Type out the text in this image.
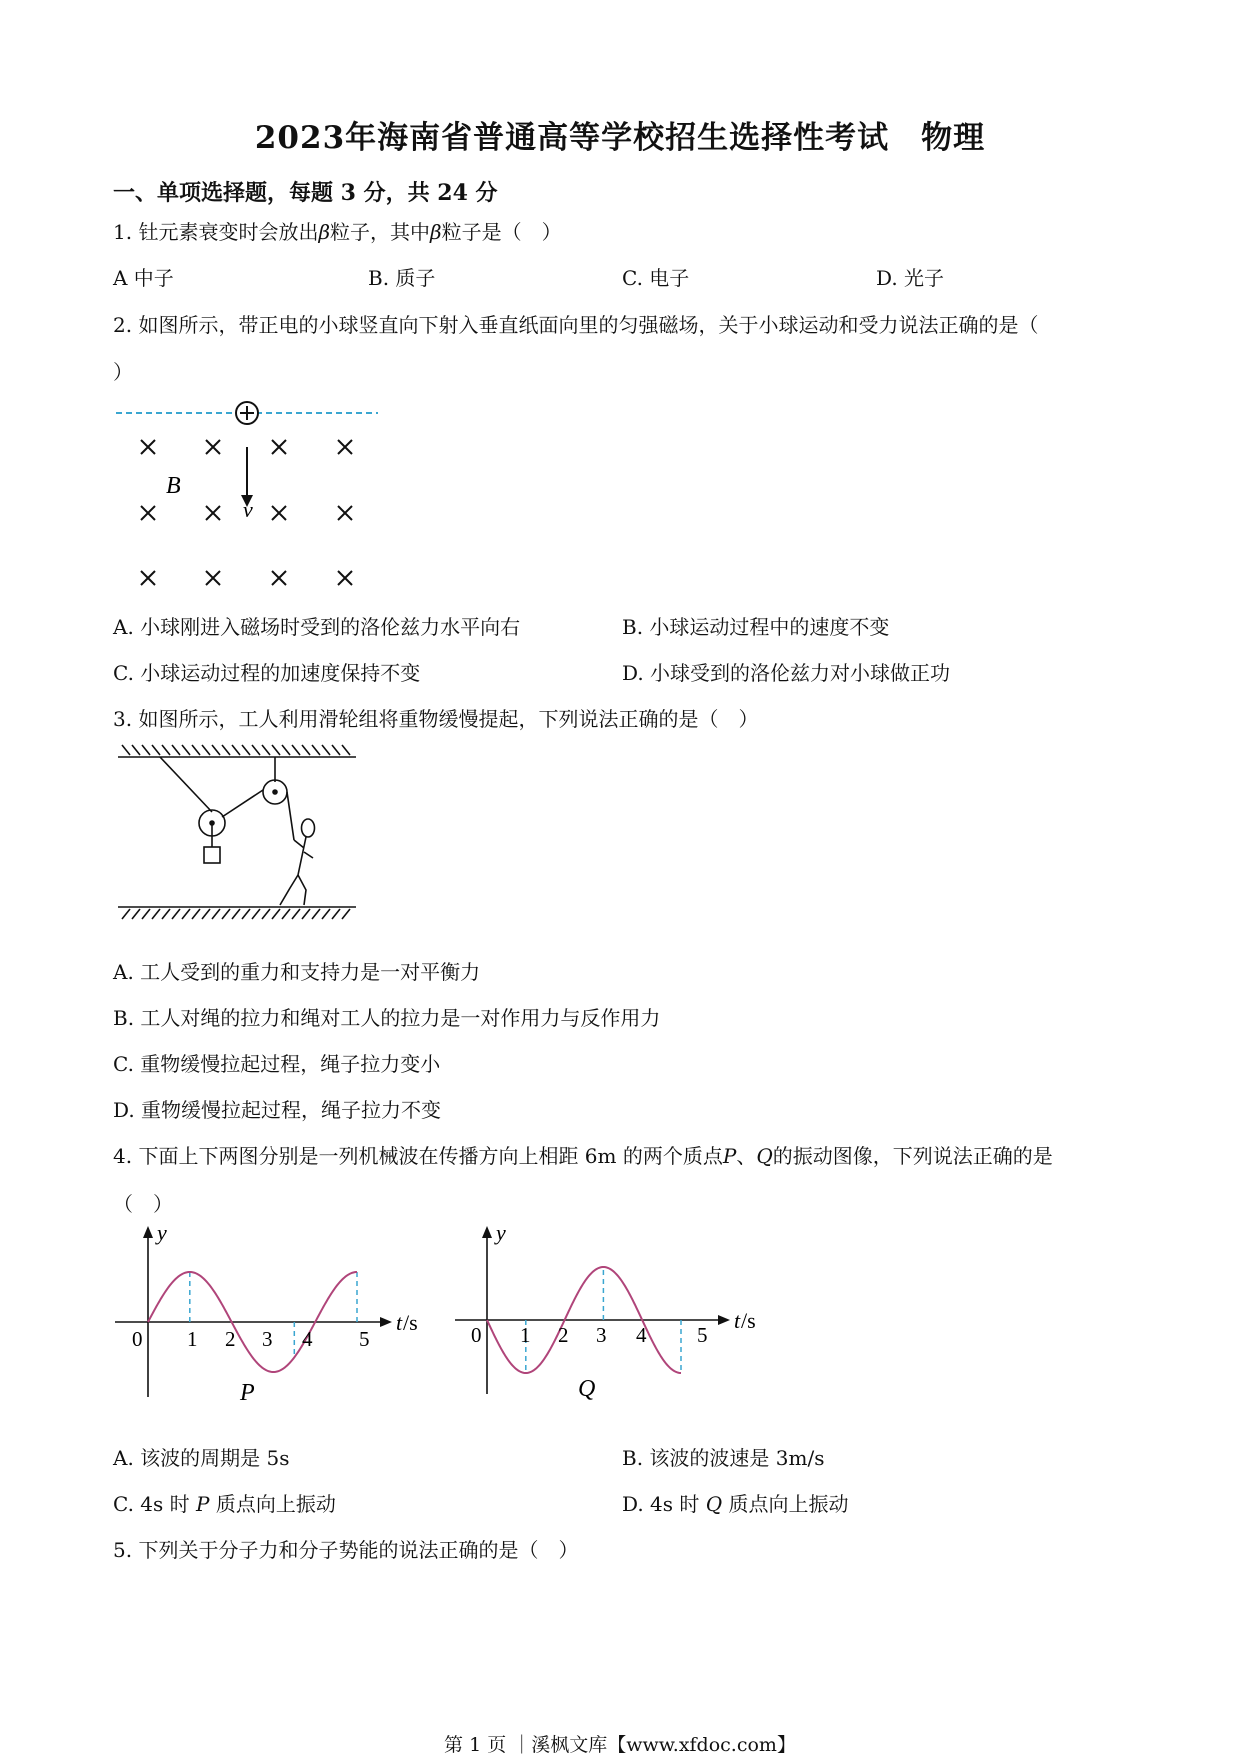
2023年海南省普通高等学校招生选择性考试　物理
一、单项选择题，每题 3 分，共 24 分
1. 钍元素衰变时会放出β粒子，其中β粒子是（　）
A 中子	B. 质子	C. 电子	D. 光子
2. 如图所示，带正电的小球竖直向下射入垂直纸面向里的匀强磁场，关于小球运动和受力说法正确的是（
）
B
v
A. 小球刚进入磁场时受到的洛伦兹力水平向右	B. 小球运动过程中的速度不变
C. 小球运动过程的加速度保持不变	D. 小球受到的洛伦兹力对小球做正功
3. 如图所示，工人利用滑轮组将重物缓慢提起，下列说法正确的是（　）
A. 工人受到的重力和支持力是一对平衡力
B. 工人对绳的拉力和绳对工人的拉力是一对作用力与反作用力
C. 重物缓慢拉起过程，绳子拉力变小
D. 重物缓慢拉起过程，绳子拉力不变
4. 下面上下两图分别是一列机械波在传播方向上相距 6m 的两个质点P、Q的振动图像，下列说法正确的是
（　）
y
t /s
0 1 2 3 4 5
P
y
t /s
0 1 2 3 4 5
Q
A. 该波的周期是 5s	B. 该波的波速是 3m/s
C. 4s 时 P 质点向上振动	D. 4s 时 Q 质点向上振动
5. 下列关于分子力和分子势能的说法正确的是（　）
第 1 页 ｜溪枫文库【www.xfdoc.com】
